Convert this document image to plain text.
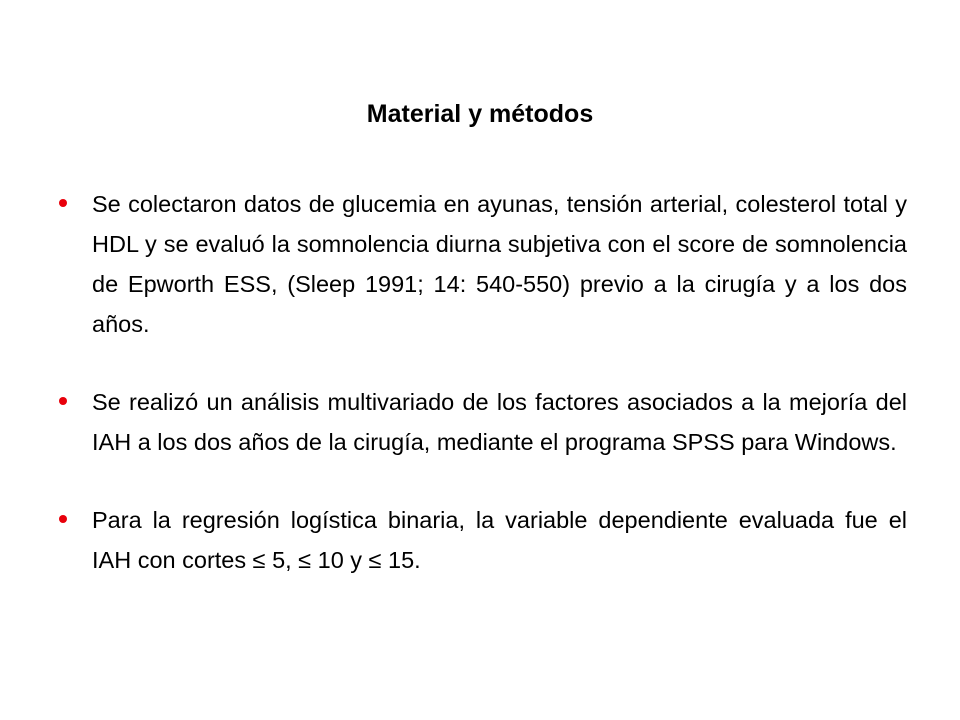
Material y métodos
Se colectaron datos de glucemia en ayunas, tensión arterial, colesterol total y HDL y se evaluó la somnolencia diurna subjetiva con el score de somnolencia de Epworth ESS, (Sleep 1991; 14: 540-550) previo a la cirugía y a los dos años.
Se realizó un análisis multivariado de los factores asociados a la mejoría del IAH a los dos años de la cirugía, mediante el programa SPSS para Windows.
Para la regresión logística binaria, la variable dependiente evaluada fue el IAH con cortes ≤ 5, ≤ 10 y ≤ 15.
